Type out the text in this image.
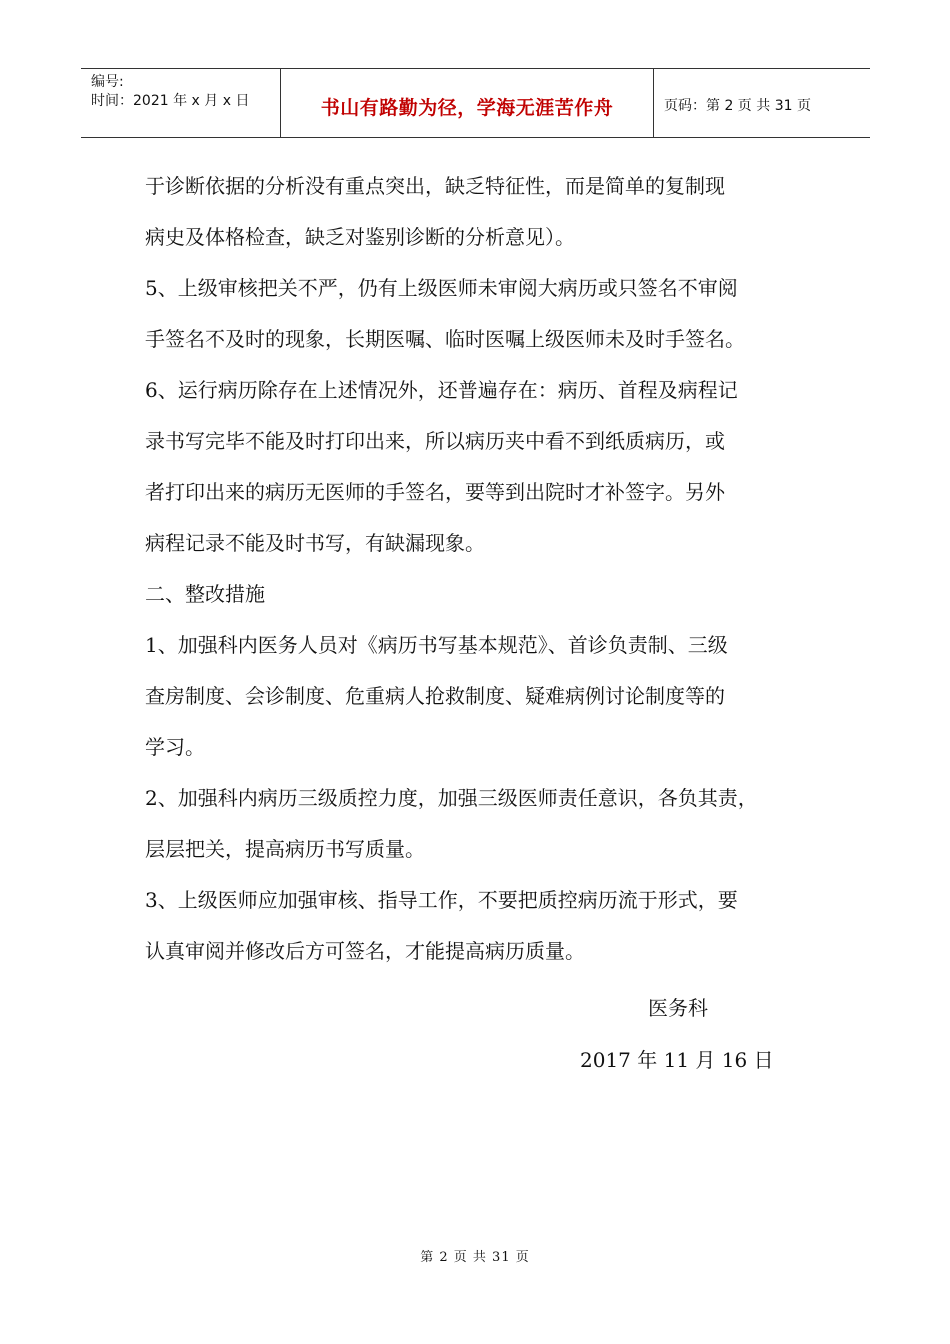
编号:
时间：2021 年 x 月 x 日	书山有路勤为径，学海无涯苦作舟	页码：第 2 页 共 31 页
于诊断依据的分析没有重点突出，缺乏特征性，而是简单的复制现
病史及体格检查，缺乏对鉴别诊断的分析意见）。
5、上级审核把关不严，仍有上级医师未审阅大病历或只签名不审阅
手签名不及时的现象，长期医嘱、临时医嘱上级医师未及时手签名。
6、运行病历除存在上述情况外，还普遍存在：病历、首程及病程记
录书写完毕不能及时打印出来，所以病历夹中看不到纸质病历，或
者打印出来的病历无医师的手签名，要等到出院时才补签字。另外
病程记录不能及时书写，有缺漏现象。
二、整改措施
1、加强科内医务人员对《病历书写基本规范》、首诊负责制、三级
查房制度、会诊制度、危重病人抢救制度、疑难病例讨论制度等的
学习。
2、加强科内病历三级质控力度，加强三级医师责任意识，各负其责，
层层把关，提高病历书写质量。
3、上级医师应加强审核、指导工作，不要把质控病历流于形式，要
认真审阅并修改后方可签名，才能提高病历质量。
医务科
2017 年 11 月 16 日
第 2 页 共 31 页
